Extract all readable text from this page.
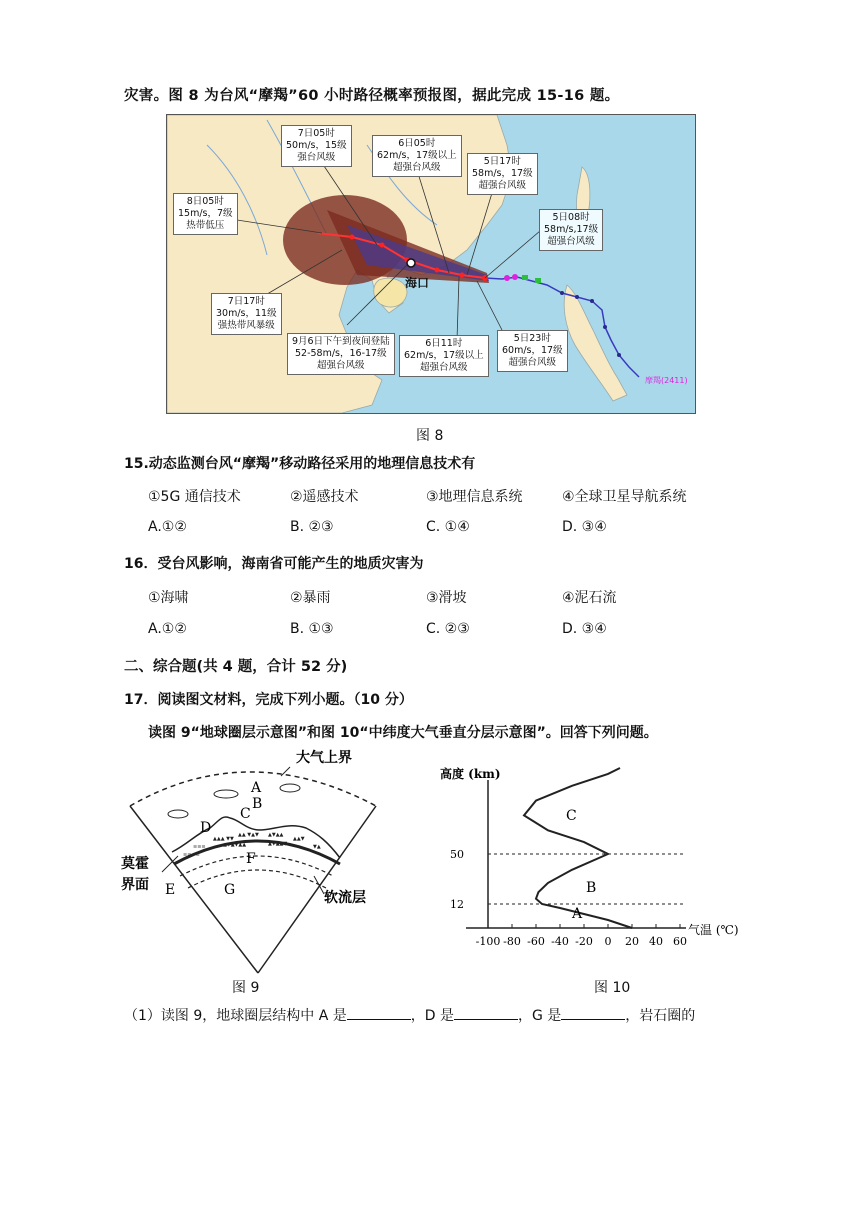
灾害。图 8 为台风“摩羯”60 小时路径概率预报图，据此完成 15-16 题。
海口
摩羯(2411)
7日05时
50m/s，15级
强台风级
6日05时
62m/s，17级以上
超强台风级
5日17时
58m/s，17级
超强台风级
5日08时
58m/s,17级
超强台风级
8日05时
15m/s，7级
热带低压
7日17时
30m/s，11级
强热带风暴级
9月6日下午到夜间登陆
52-58m/s，16-17级
超强台风级
6日11时
62m/s，17级以上
超强台风级
5日23时
60m/s，17级
超强台风级
图 8
15.动态监测台风“摩羯”移动路径采用的地理信息技术有
①5G 通信技术	②遥感技术	③地理信息系统	④全球卫星导航系统
A.①②	B. ②③	C. ①④	D. ③④
16．受台风影响，海南省可能产生的地质灾害为
①海啸	②暴雨	③滑坡	④泥石流
A.①②	B. ①③	C. ②③	D. ③④
二、综合题(共 4 题，合计 52 分)
17．阅读图文材料，完成下列小题。（10 分）
读图 9“地球圈层示意图”和图 10“中纬度大气垂直分层示意图”。回答下列问题。
▲▲▲ ▼▼
▲▲ ▼▲▼ ▲▼▲▲
▲▲▼
▼▲
≡≡≡
≡≡≡≡
▲▼▲▼▲▲	▲▼▲▲▼
A
B
C
D
E
F
G
大气上界
软流层
莫霍
界面
图 9
高度 (km)
-100 -80 -60 -40 -20 0 20 40 60
50
12
C
B
A
气温 (℃)
图 10
（1）读图 9，地球圈层结构中 A 是	，D 是	，G 是	，岩石圈的
